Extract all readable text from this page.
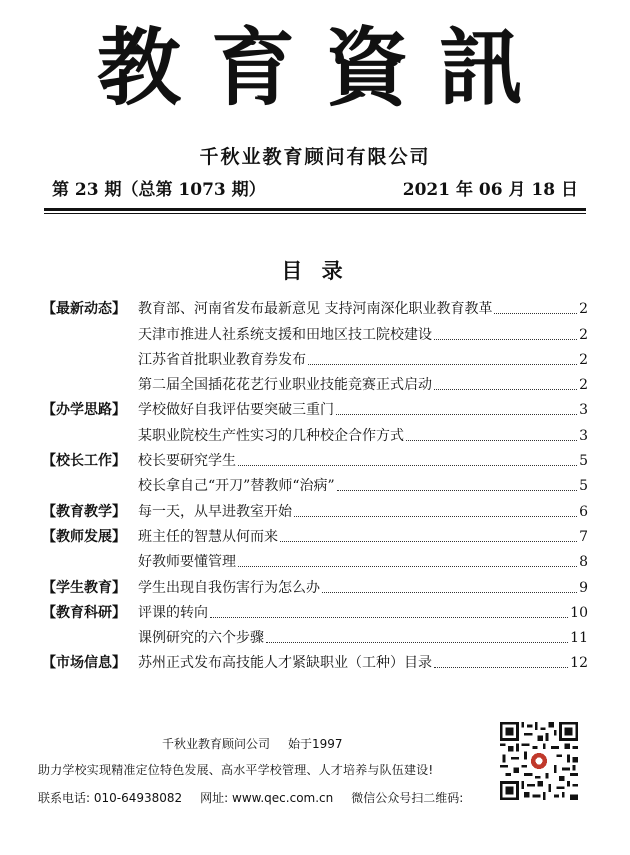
教育資訊
千秋业教育顾问有限公司
第 23 期（总第 1073 期）	2021 年 06 月 18 日
目 录
【最新动态】 教育部、河南省发布最新意见 支持河南深化职业教育教革	2
天津市推进人社系统支援和田地区技工院校建设	2
江苏省首批职业教育券发布	2
第二届全国插花花艺行业职业技能竞赛正式启动	2
【办学思路】 学校做好自我评估要突破三重门	3
某职业院校生产性实习的几种校企合作方式	3
【校长工作】 校长要研究学生	5
校长拿自己“开刀”替教师“治病”	5
【教育教学】 每一天，从早进教室开始	6
【教师发展】 班主任的智慧从何而来	7
好教师要懂管理	8
【学生教育】 学生出现自我伤害行为怎么办	9
【教育科研】 评课的转向	10
课例研究的六个步骤	11
【市场信息】 苏州正式发布高技能人才紧缺职业（工种）目录	12
千秋业教育顾问公司 始于1997
助力学校实现精准定位特色发展、高水平学校管理、人才培养与队伍建设!
联系电话: 010-64938082 网址: www.qec.com.cn 微信公众号扫二维码:
